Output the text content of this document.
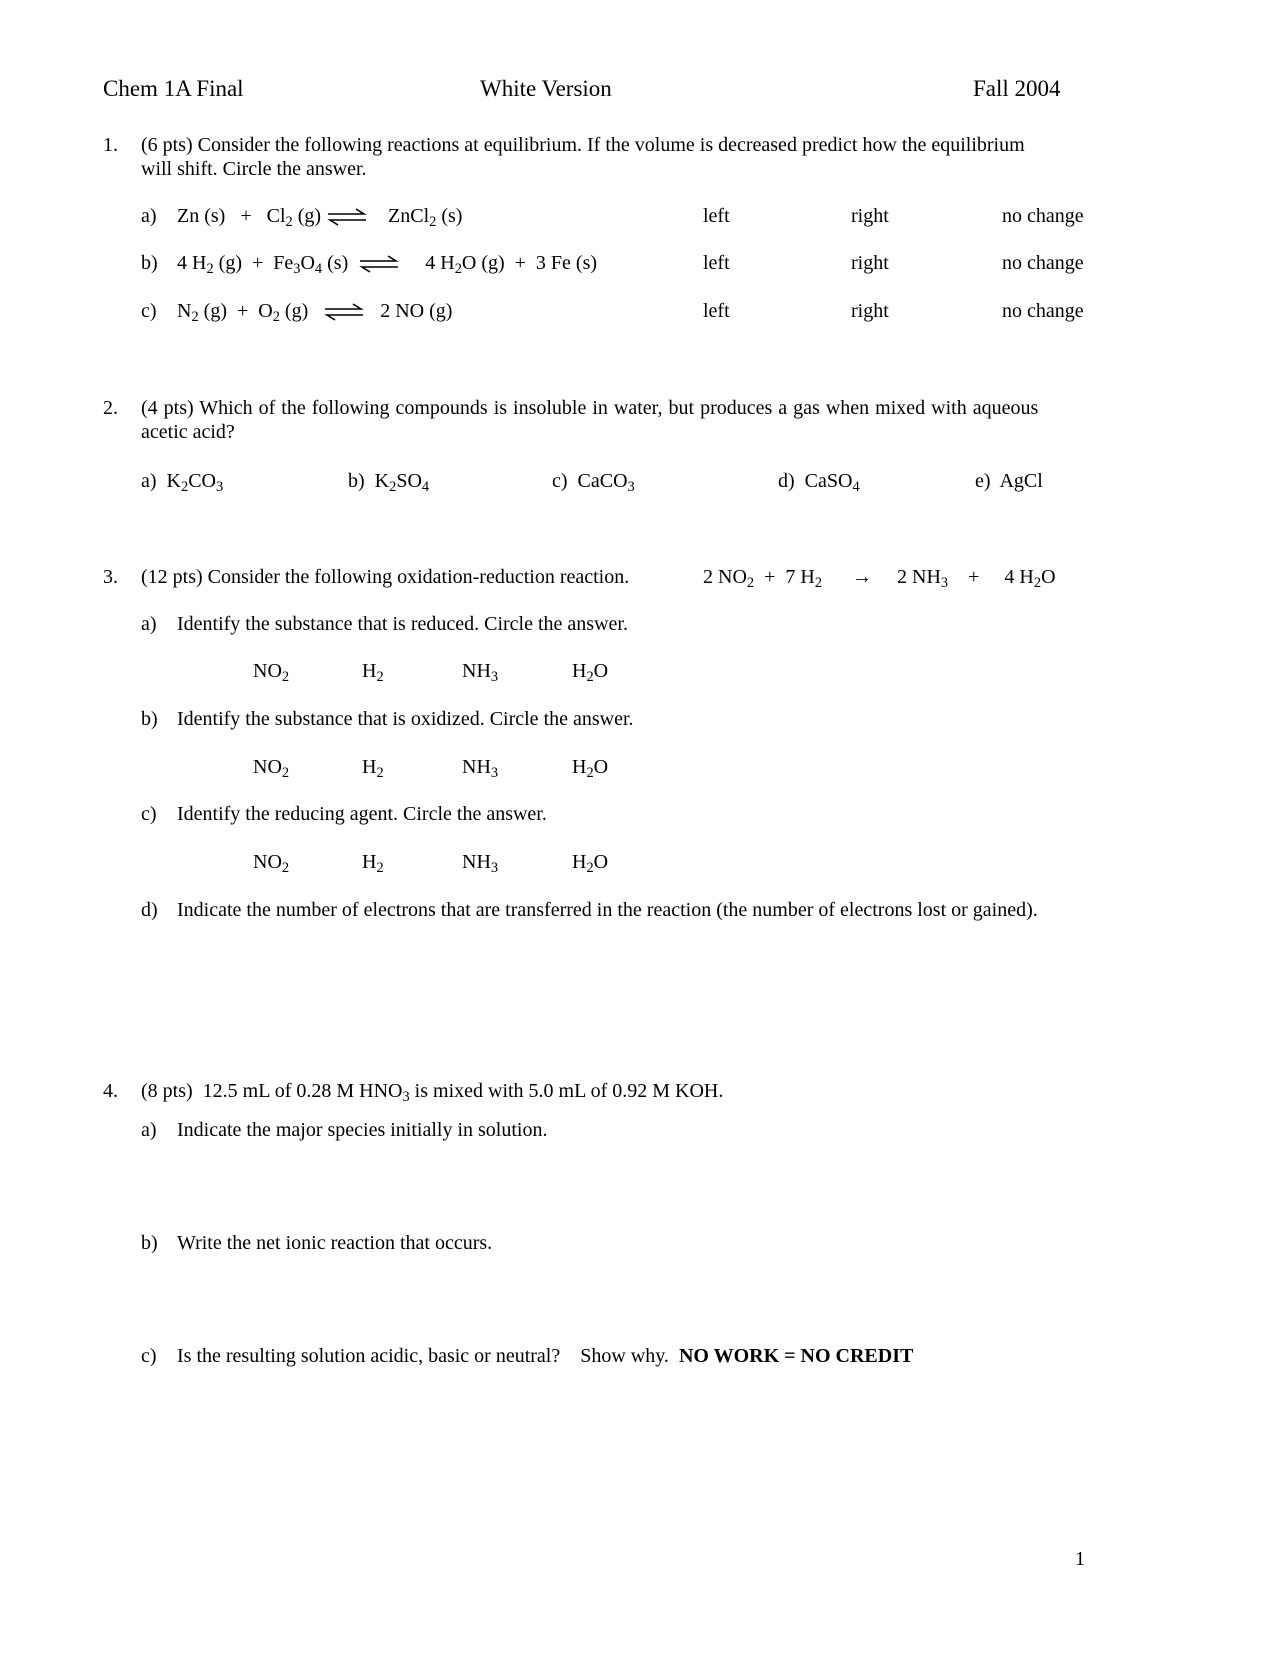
Chem 1A Final	White Version	Fall 2004
1. (6 pts) Consider the following reactions at equilibrium. If the volume is decreased predict how the equilibrium
will shift. Circle the answer.
a) Zn $(s) + Cl_2$ (g) ⇌ ZnCl$_2$ (s)	left	right	no change
b) 4 $H_2$ $(g) + Fe_3O_4$ (s) ⇌ 4 $H_2O$ (g)  +  3 Fe (s)	left	right	no change
c) $N_2$ $(g) + O_2$ (g) ⇌ 2 NO (g)	left	right	no change
2. (4 pts) Which of the following compounds is insoluble in water, but produces a gas when mixed with aqueous
acetic acid?
a)  $K_2CO_3$	b)  $K_2SO_4$	c)  CaCO$_3$	d)  CaSO$_4$	e)  AgCl
3. (12 pts) Consider the following oxidation-reduction reaction.	2 $NO_2 + 7$ $H_2$      →     2 $NH_3$    +     4 $H_2O$
a) Identify the substance that is reduced. Circle the answer.
$NO_2$	$H_2$	$NH_3$	$H_2O$
b) Identify the substance that is oxidized. Circle the answer.
$NO_2$	$H_2$	$NH_3$	$H_2O$
c) Identify the reducing agent. Circle the answer.
$NO_2$	$H_2$	$NH_3$	$H_2O$
d) Indicate the number of electrons that are transferred in the reaction (the number of electrons lost or gained).
4. (8 pts)  12.5 mL of 0.28 M $HNO_3$ is mixed with 5.0 mL of 0.92 M KOH.
a) Indicate the major species initially in solution.
b) Write the net ionic reaction that occurs.
c) Is the resulting solution acidic, basic or neutral?    Show why. NO WORK = NO CREDIT
1
